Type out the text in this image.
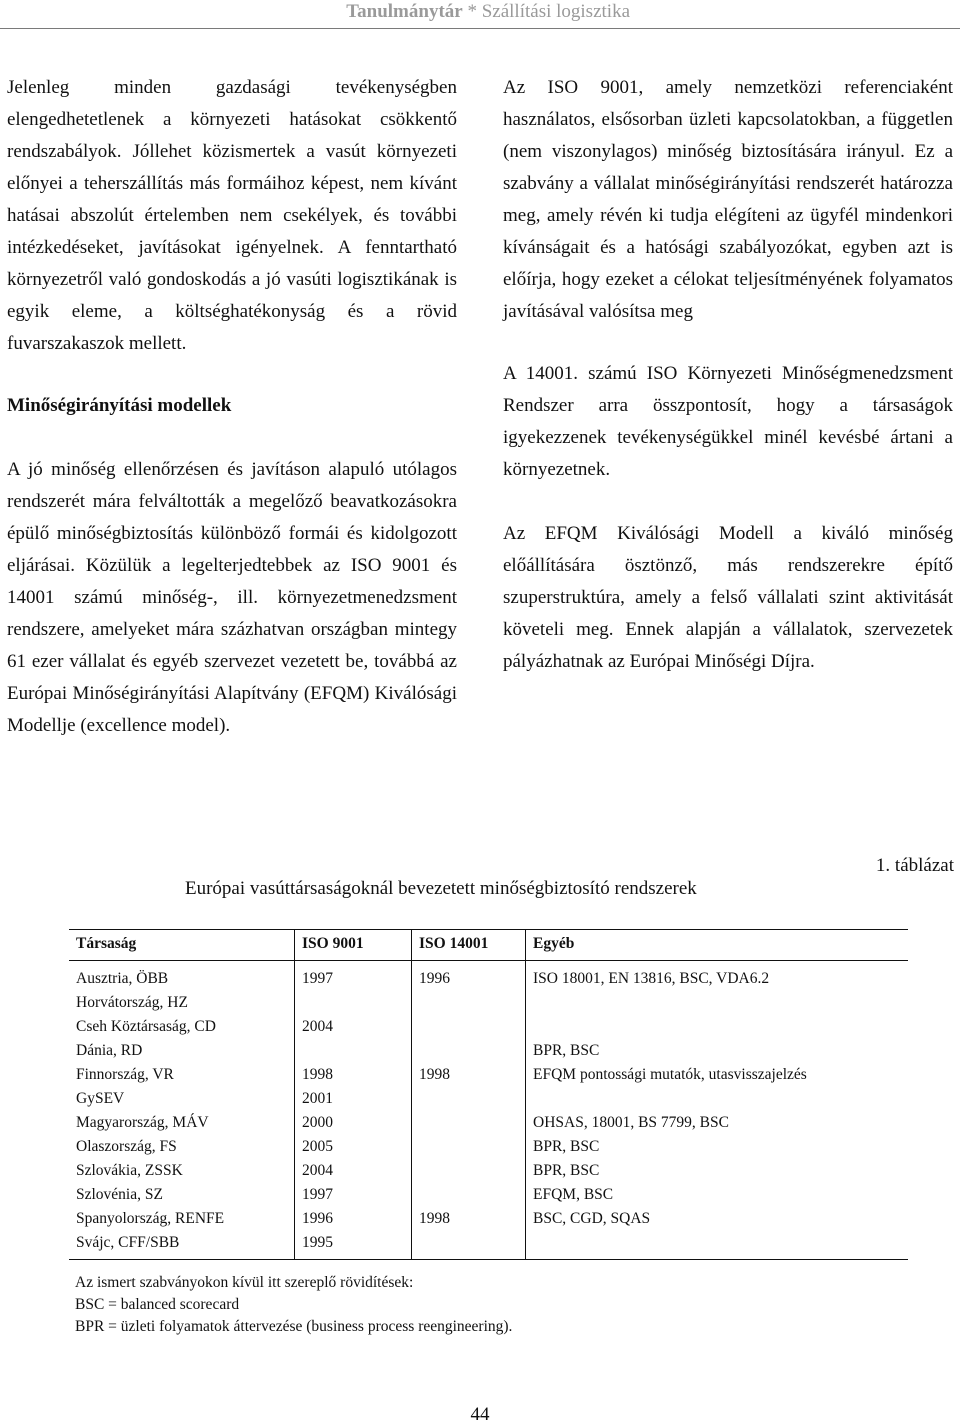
Tanulmánytár * Szállítási logisztika

Jelenleg minden gazdasági tevékenységben elengedhetetlenek a környezeti hatásokat csökkentő rendszabályok. Jóllehet közismertek a vasút környezeti előnyei a teherszállítás más formáihoz képest, nem kívánt hatásai abszolút értelemben nem csekélyek, és további intézkedéseket, javításokat igényelnek. A fenntartható környezetről való gondoskodás a jó vasúti logisztikának is egyik eleme, a költséghatékonyság és a rövid fuvarszakaszok mellett.

Minőségirányítási modellek

A jó minőség ellenőrzésen és javításon alapuló utólagos rendszerét mára felváltották a megelőző beavatkozásokra épülő minőségbiztosítás különböző formái és kidolgozott eljárásai. Közülük a legelterjedtebbek az ISO 9001 és 14001 számú minőség-, ill. környezetmenedzsment rendszere, amelyeket mára százhatvan országban mintegy 61 ezer vállalat és egyéb szervezet vezetett be, továbbá az Európai Minőségirányítási Alapítvány (EFQM) Kiválósági Modellje (excellence model).

Az ISO 9001, amely nemzetközi referenciaként használatos, elsősorban üzleti kapcsolatokban, a független (nem viszonylagos) minőség biztosítására irányul. Ez a szabvány a vállalat minőségirányítási rendszerét határozza meg, amely révén ki tudja elégíteni az ügyfél mindenkori kívánságait és a hatósági szabályozókat, egyben azt is előírja, hogy ezeket a célokat teljesítményének folyamatos javításával valósítsa meg

A 14001. számú ISO Környezeti Minőségmenedzsment Rendszer arra összpontosít, hogy a társaságok igyekezzenek tevékenységükkel minél kevésbé ártani a környezetnek.

Az EFQM Kiválósági Modell a kiváló minőség előállítására ösztönző, más rendszerekre építő szuperstruktúra, amely a felső vállalati szint aktivitását követeli meg. Ennek alapján a vállalatok, szervezetek pályázhatnak az Európai Minőségi Díjra.

1. táblázat
Európai vasúttársaságoknál bevezetett minőségbiztosító rendszerek
Társaság	ISO 9001	ISO 14001	Egyéb
Ausztria, ÖBB	1997	1996	ISO 18001, EN 13816, BSC, VDA6.2
Horvátország, HZ			
Cseh Köztársaság, CD	2004		
Dánia, RD			BPR, BSC
Finnország, VR	1998	1998	EFQM pontossági mutatók, utasvisszajelzés
GySEV	2001		
Magyarország, MÁV	2000		OHSAS, 18001, BS 7799, BSC
Olaszország, FS	2005		BPR, BSC
Szlovákia, ZSSK	2004		BPR, BSC
Szlovénia, SZ	1997		EFQM, BSC
Spanyolország, RENFE	1996	1998	BSC, CGD, SQAS
Svájc, CFF/SBB	1995		
Az ismert szabványokon kívül itt szereplő rövidítések:
BSC = balanced scorecard
BPR = üzleti folyamatok áttervezése (business process reengineering).
44
